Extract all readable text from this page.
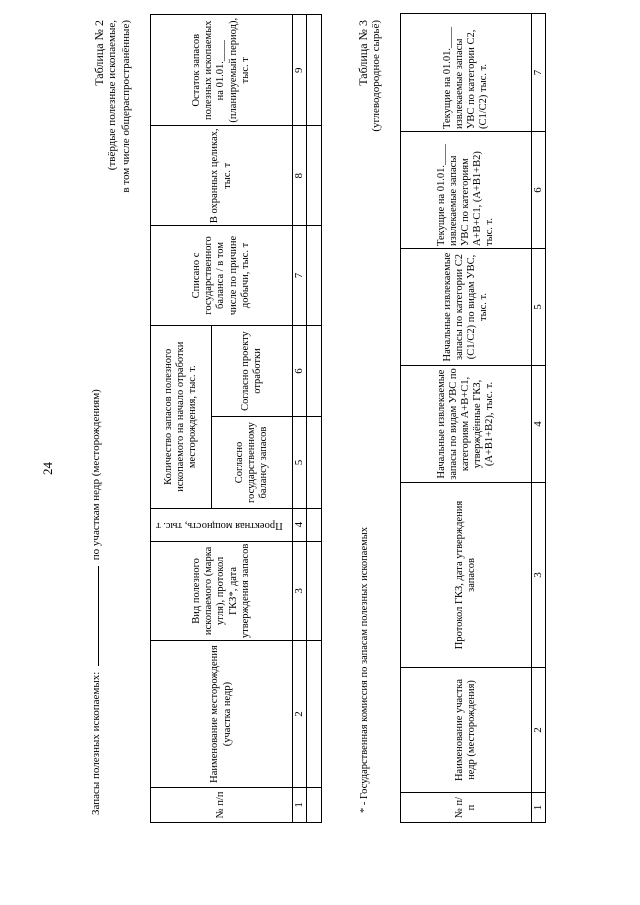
24
Запасы полезных ископаемых:  по участкам недр (месторождениям)
Таблица № 2 (твёрдые полезные ископаемые, в том числе общераспространённые)
№ п/п	Наименование месторождения (участка недр)	Вид полезного ископаемого (марка угля), протокол ГКЗ*, дата утверждения запасов	Проектная мощность, тыс. т	Количество запасов полезного ископаемого на начало отработки месторождения, тыс. т.		Списано с государственного баланса / в том числе по причине добычи, тыс. т	В охранных целиках, тыс. т	Остаток запасов полезных ископаемых на 01.01.____ (планируемый период), тыс. т
				Согласно государственному балансу запасов	Согласно проекту отработки			
1	2	3	4	5	6	7	8	9

* - Государственная комиссия по запасам полезных ископаемых
Таблица № 3 (углеводородное сырьё)
№ п/п	Наименование участка недр (месторождения)	Протокол ГКЗ, дата утверждения запасов	Начальные извлекаемые запасы по видам УВС по категориям А+В+С1, утверждённые ГКЗ, (А+В1+В2), тыс. т.	Начальные извлекаемые запасы по категории С2 (С1/С2) по видам УВС, тыс. т.	Текущие на 01.01.____ извлекаемые запасы УВС по категориям А+В+С1, (А+В1+В2) тыс. т.	Текущие на 01.01.____ извлекаемые запасы УВС по категории С2, (С1/С2) тыс. т.
1	2	3	4	5	6	7
